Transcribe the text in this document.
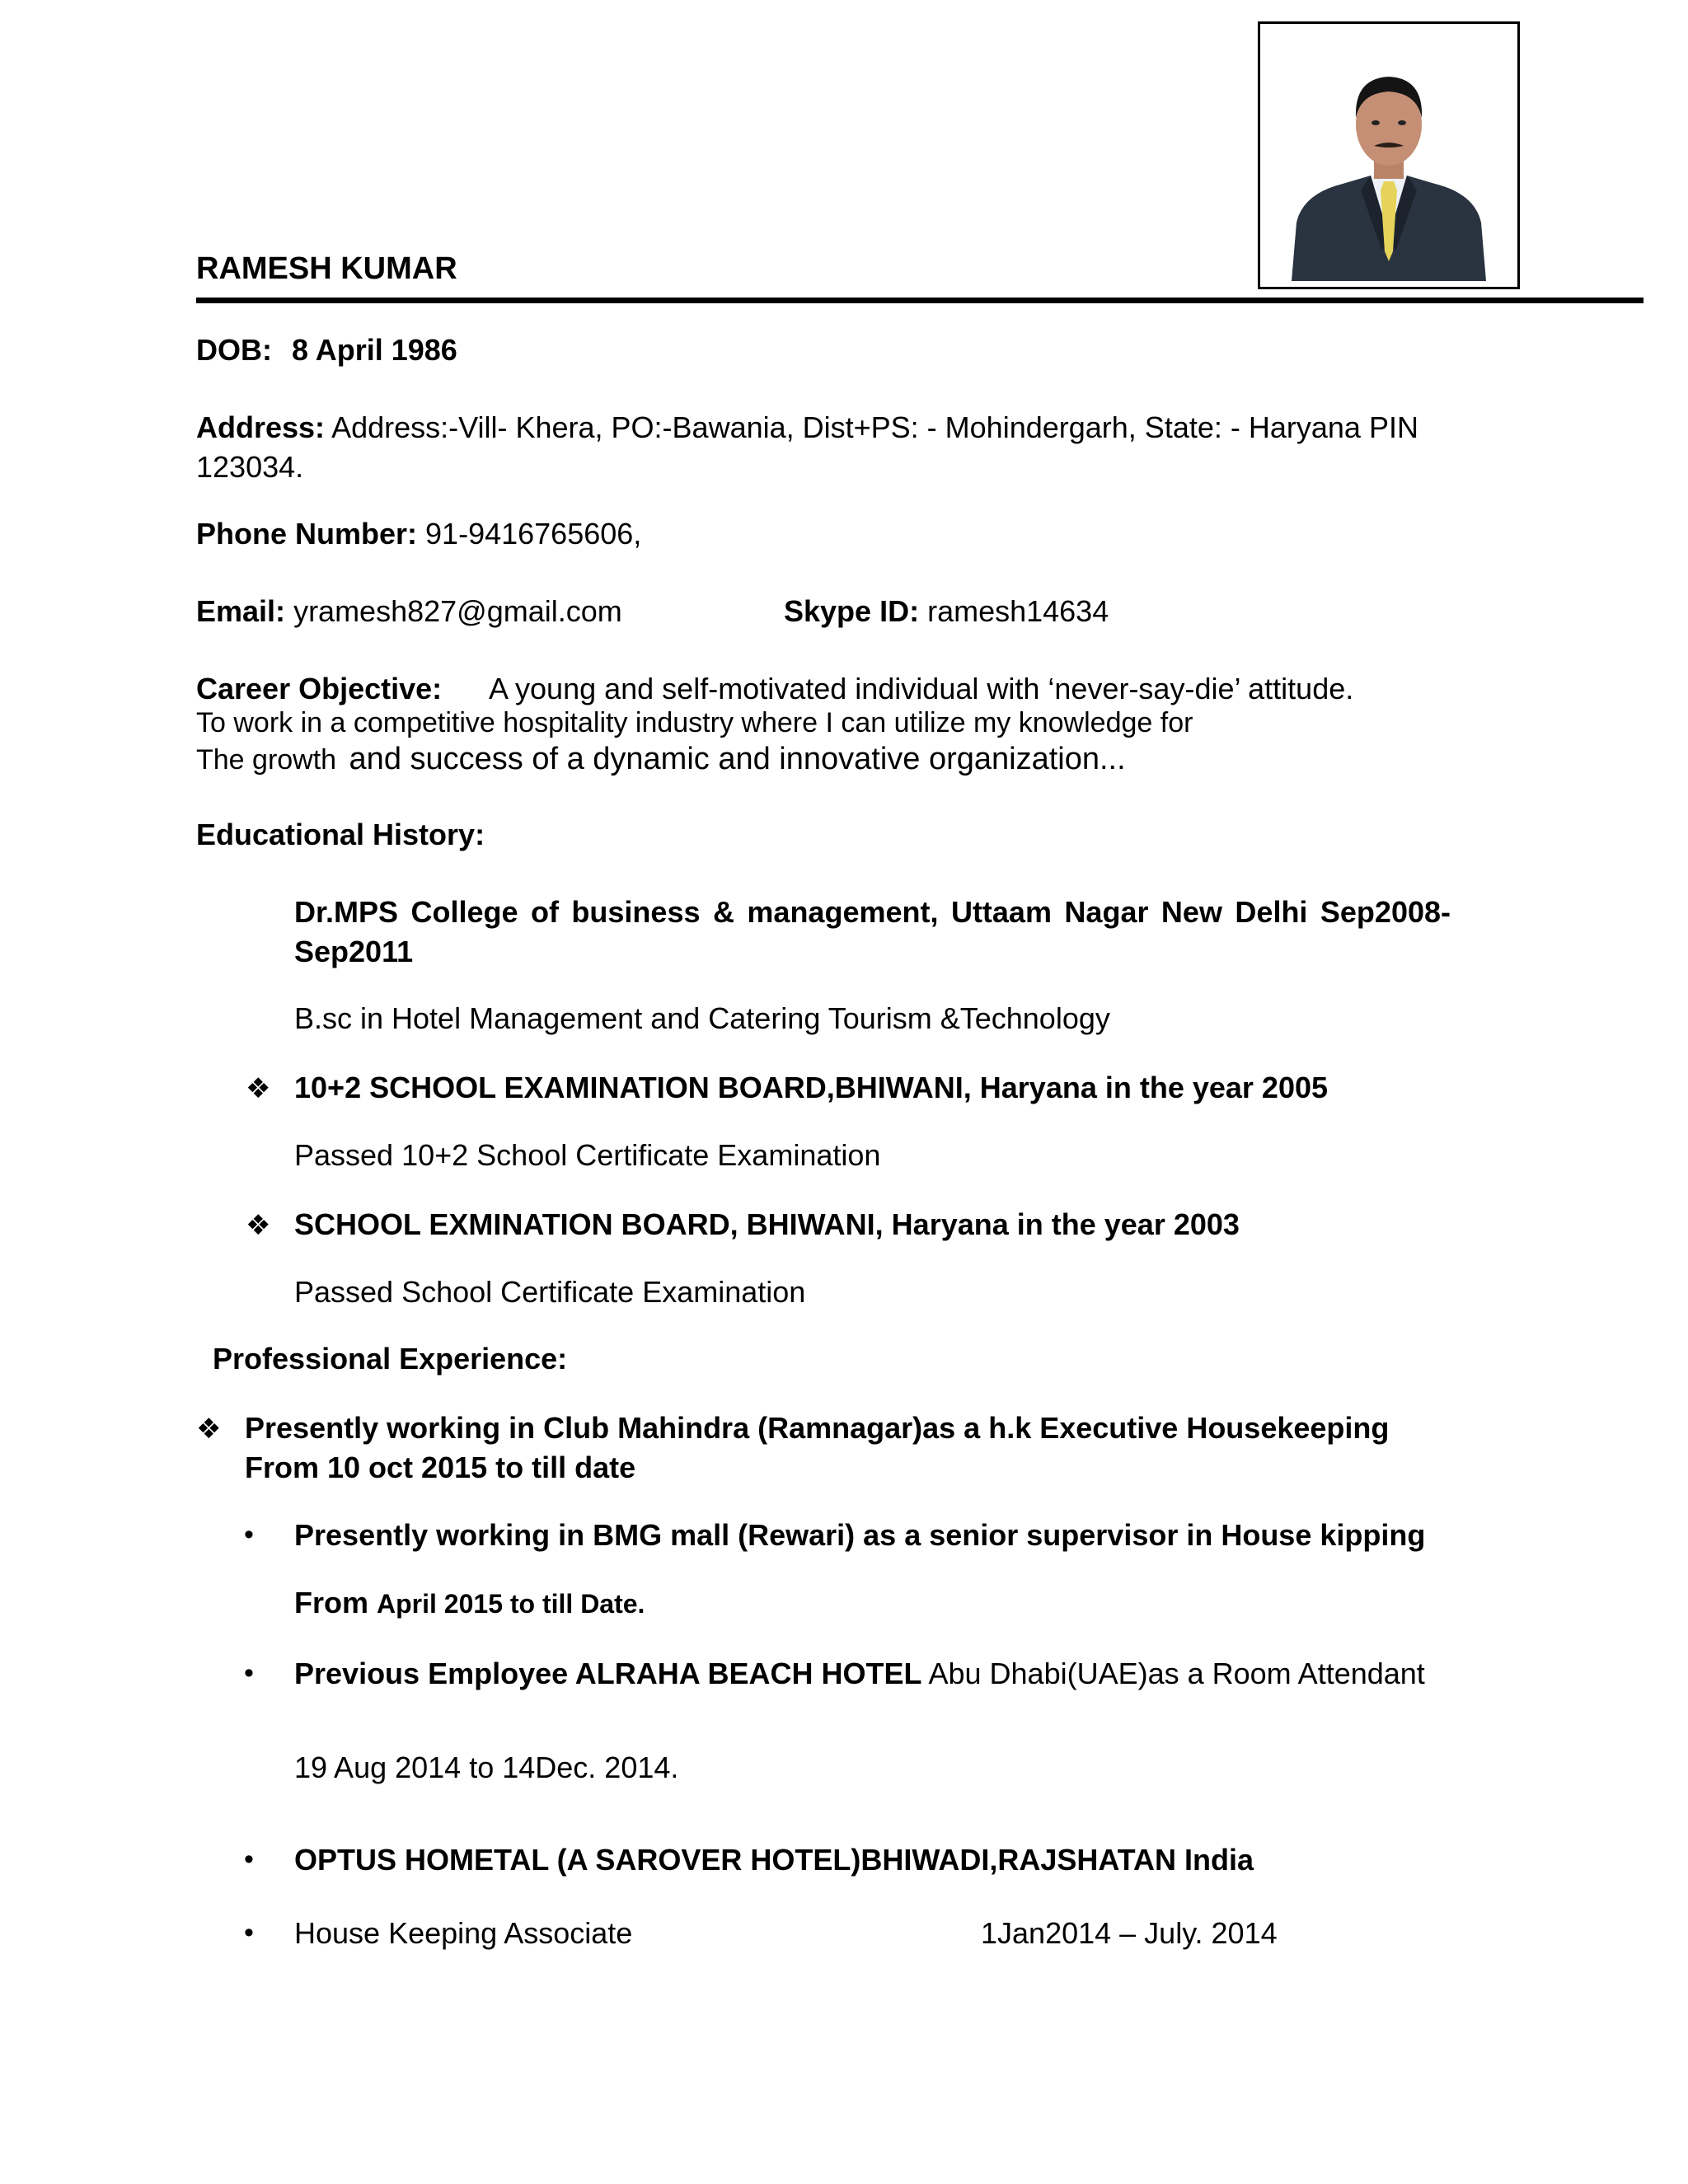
RAMESH KUMAR
DOB: 8 April 1986
Address: Address:-Vill- Khera, PO:-Bawania, Dist+PS: - Mohindergarh, State: - Haryana PIN
123034.
Phone Number: 91-9416765606,
Email: yramesh827@gmail.com	Skype ID: ramesh14634
Career Objective: A young and self-motivated individual with ‘never-say-die’ attitude.
To work in a competitive hospitality industry where I can utilize my knowledge for
The growth and success of a dynamic and innovative organization...
Educational History:
Dr.MPS College of business & management, Uttaam Nagar New Delhi Sep2008-
Sep2011
B.sc in Hotel Management and Catering Tourism &Technology
❖ 10+2 SCHOOL EXAMINATION BOARD,BHIWANI, Haryana in the year 2005
Passed 10+2 School Certificate Examination
❖ SCHOOL EXMINATION BOARD, BHIWANI, Haryana in the year 2003
Passed School Certificate Examination
Professional Experience:
❖ Presently working in Club Mahindra (Ramnagar)as a h.k Executive Housekeeping
From 10 oct 2015 to till date
• Presently working in BMG mall (Rewari) as a senior supervisor in House kipping
From April 2015 to till Date.
• Previous Employee ALRAHA BEACH HOTEL Abu Dhabi(UAE)as a Room Attendant
19 Aug 2014 to 14Dec. 2014.
• OPTUS HOMETAL (A SAROVER HOTEL)BHIWADI,RAJSHATAN India
• House Keeping Associate	1Jan2014 – July. 2014
